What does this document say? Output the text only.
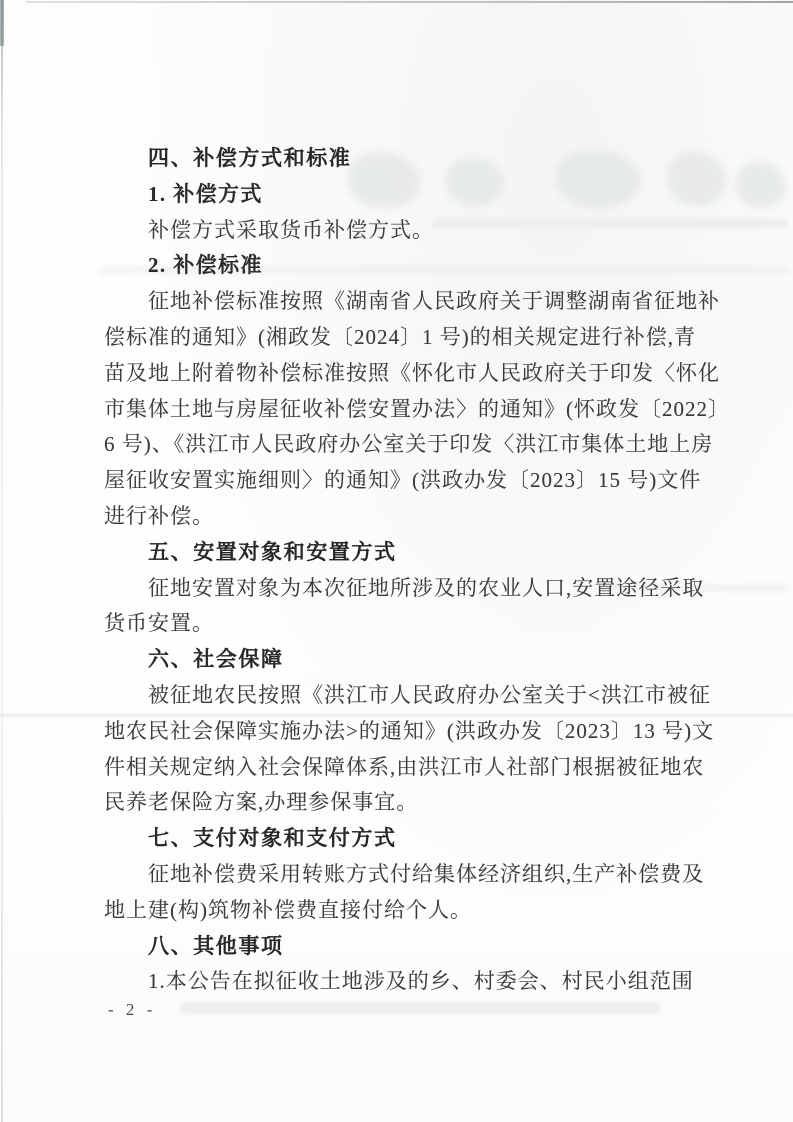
四、补偿方式和标准
1. 补偿方式
补偿方式采取货币补偿方式。
2. 补偿标准
征地补偿标准按照《湖南省人民政府关于调整湖南省征地补
偿标准的通知》(湘政发〔2024〕1 号)的相关规定进行补偿,青
苗及地上附着物补偿标准按照《怀化市人民政府关于印发〈怀化
市集体土地与房屋征收补偿安置办法〉的通知》(怀政发〔2022〕
6 号)、《洪江市人民政府办公室关于印发〈洪江市集体土地上房
屋征收安置实施细则〉的通知》(洪政办发〔2023〕15 号)文件
进行补偿。
五、安置对象和安置方式
征地安置对象为本次征地所涉及的农业人口,安置途径采取
货币安置。
六、社会保障
被征地农民按照《洪江市人民政府办公室关于<洪江市被征
地农民社会保障实施办法>的通知》(洪政办发〔2023〕13 号)文
件相关规定纳入社会保障体系,由洪江市人社部门根据被征地农
民养老保险方案,办理参保事宜。
七、支付对象和支付方式
征地补偿费采用转账方式付给集体经济组织,生产补偿费及
地上建(构)筑物补偿费直接付给个人。
八、其他事项
1.本公告在拟征收土地涉及的乡、村委会、村民小组范围
- 2 -
